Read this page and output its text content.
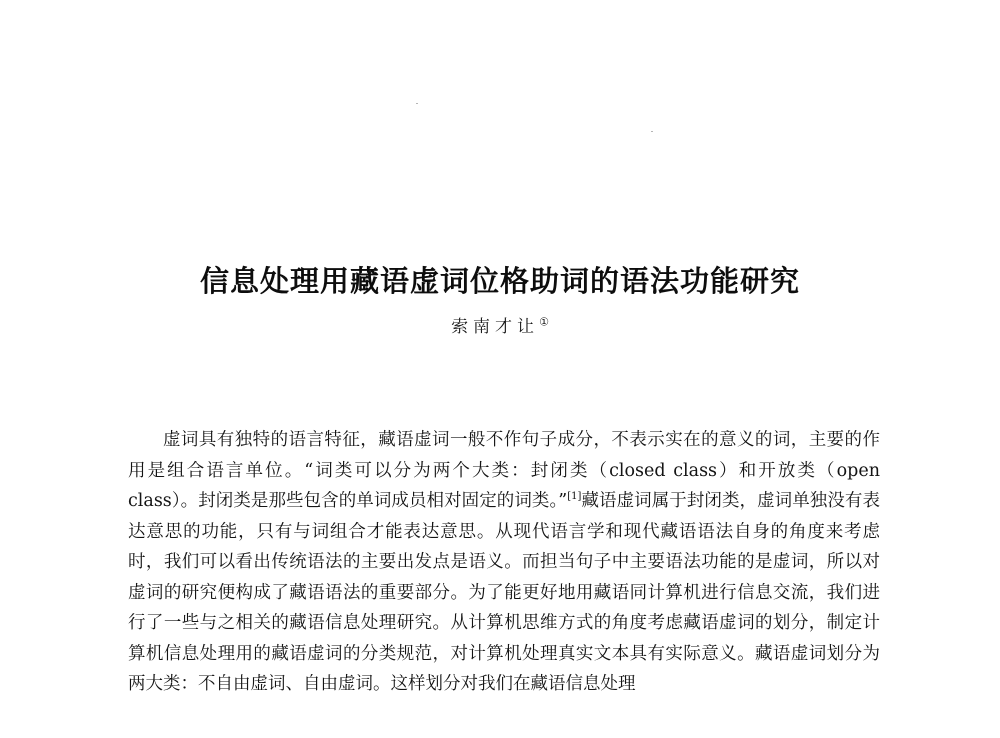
信息处理用藏语虚词位格助词的语法功能研究
索南才让①

虚词具有独特的语言特征，藏语虚词一般不作句子成分，不表示实在的意义的词，主要的作用是组合语言单位。“词类可以分为两个大类：封闭类（closed class）和开放类（open class）。封闭类是那些包含的单词成员相对固定的词类。”[1]藏语虚词属于封闭类，虚词单独没有表达意思的功能，只有与词组合才能表达意思。从现代语言学和现代藏语语法自身的角度来考虑时，我们可以看出传统语法的主要出发点是语义。而担当句子中主要语法功能的是虚词，所以对虚词的研究便构成了藏语语法的重要部分。为了能更好地用藏语同计算机进行信息交流，我们进行了一些与之相关的藏语信息处理研究。从计算机思维方式的角度考虑藏语虚词的划分，制定计算机信息处理用的藏语虚词的分类规范，对计算机处理真实文本具有实际意义。藏语虚词划分为两大类：不自由虚词、自由虚词。这样划分对我们在藏语信息处理
